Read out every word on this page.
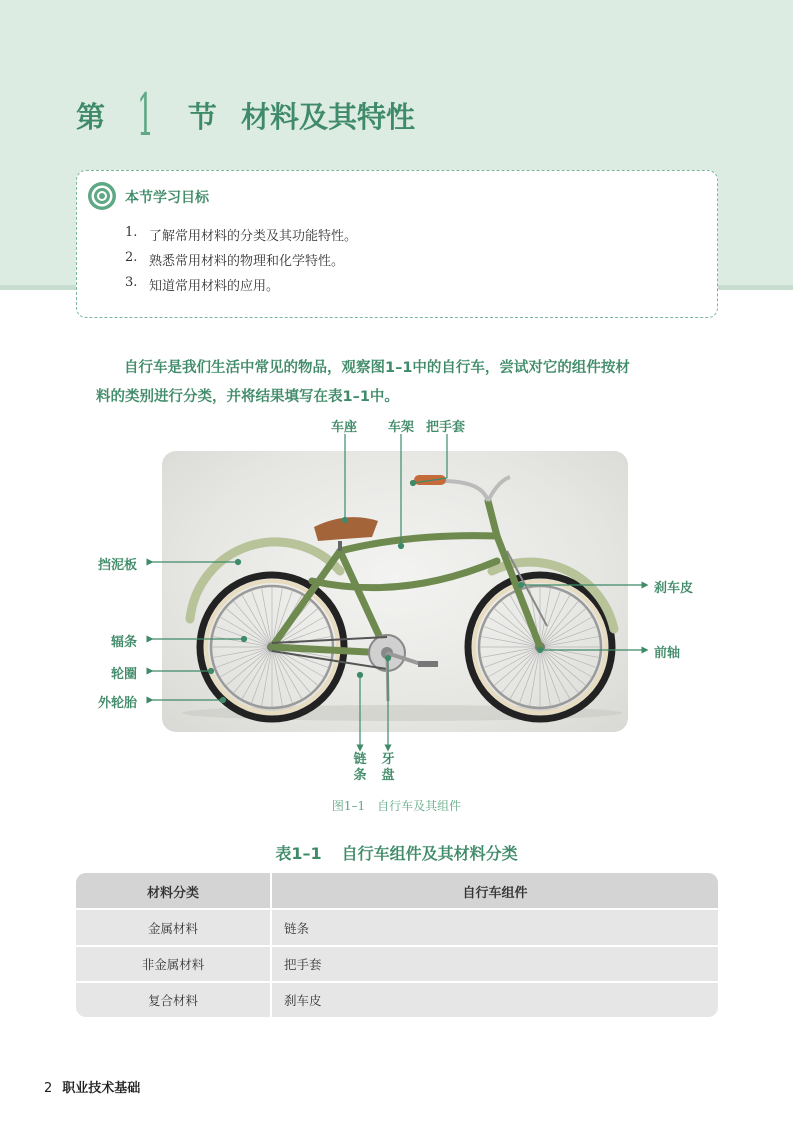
第 1 节 材料及其特性
本节学习目标
1. 了解常用材料的分类及其功能特性。
2. 熟悉常用材料的物理和化学特性。
3. 知道常用材料的应用。

自行车是我们生活中常见的物品，观察图1–1中的自行车，尝试对它的组件按材

料的类别进行分类，并将结果填写在表1–1中。

车座 车架 把手套
挡泥板
辐条
轮圈
外轮胎
刹车皮
前轴
链条
牙盘
图1–1　自行车及其组件
表1–1 自行车组件及其材料分类
材料分类	自行车组件
金属材料	链条
非金属材料	把手套
复合材料	刹车皮
2 职业技术基础
